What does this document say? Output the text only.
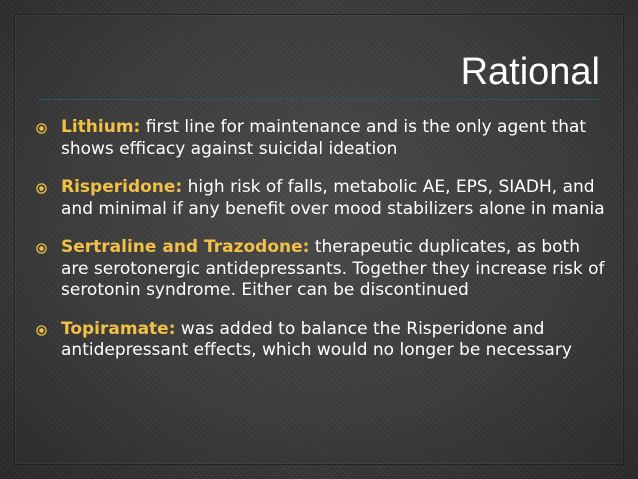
Rational
Lithium: first line for maintenance and is the only agent that shows efficacy against suicidal ideation
Risperidone: high risk of falls, metabolic AE, EPS, SIADH, and and minimal if any benefit over mood stabilizers alone in mania
Sertraline and Trazodone: therapeutic duplicates, as both are serotonergic antidepressants. Together they increase risk of serotonin syndrome. Either can be discontinued
Topiramate: was added to balance the Risperidone and antidepressant effects, which would no longer be necessary
